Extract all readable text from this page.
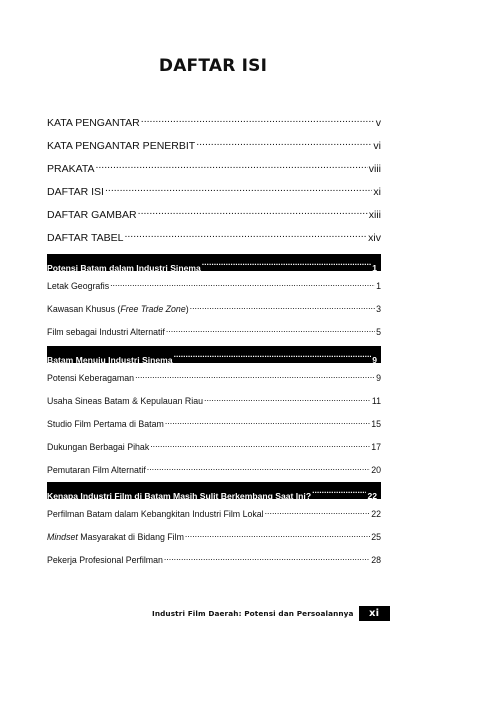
DAFTAR ISI
KATA PENGANTAR .....	v
KATA PENGANTAR PENERBIT .....	vi
PRAKATA .....	viii
DAFTAR ISI .....	xi
DAFTAR GAMBAR .....	xiii
DAFTAR TABEL .....	xiv
Potensi Batam dalam Industri Sinema .....	1
Letak Geografis .....	1
Kawasan Khusus (Free Trade Zone) .....	3
Film sebagai Industri Alternatif .....	5
Batam Menuju Industri Sinema .....	9
Potensi Keberagaman .....	9
Usaha Sineas Batam & Kepulauan Riau .....	11
Studio Film Pertama di Batam .....	15
Dukungan Berbagai Pihak .....	17
Pemutaran Film Alternatif .....	20
Kenapa Industri Film di Batam Masih Sulit Berkembang Saat Ini? .....	22
Perfilman Batam dalam Kebangkitan Industri Film Lokal .....	22
Mindset Masyarakat di Bidang Film .....	25
Pekerja Profesional Perfilman .....	28
Industri Film Daerah: Potensi dan Persoalannya	xi
